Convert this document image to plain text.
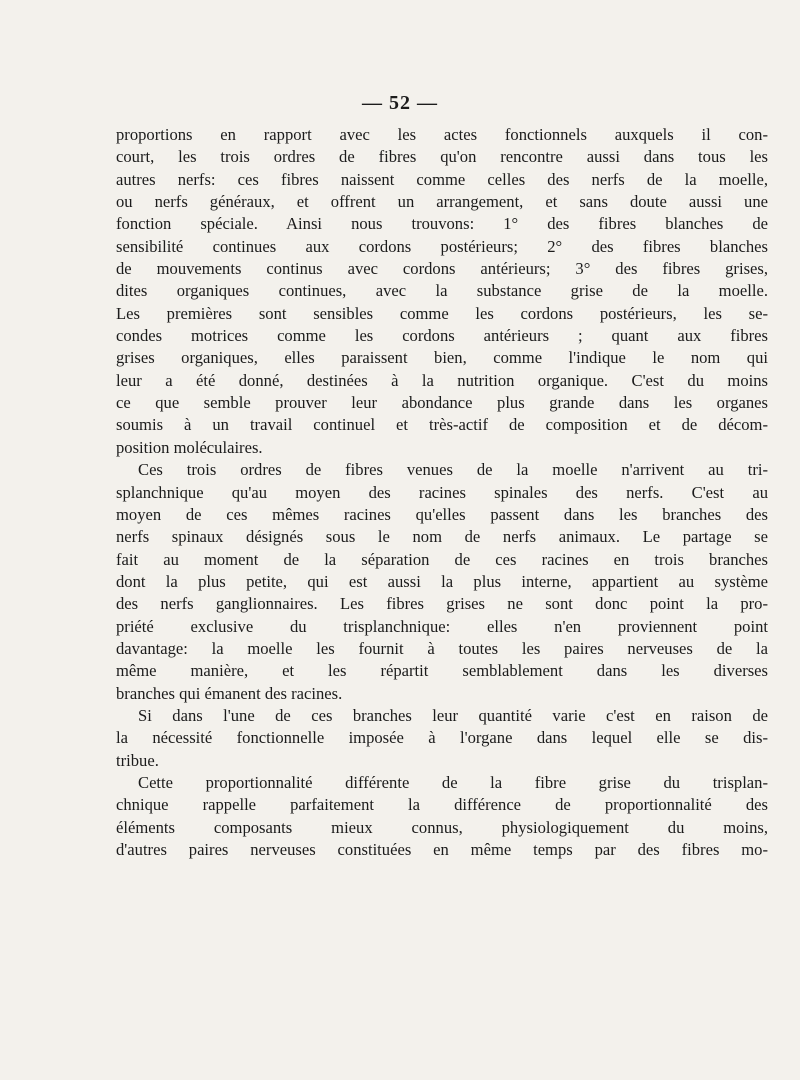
— 52 —
proportions en rapport avec les actes fonctionnels auxquels il con-
court, les trois ordres de fibres qu'on rencontre aussi dans tous les
autres nerfs: ces fibres naissent comme celles des nerfs de la moelle,
ou nerfs généraux, et offrent un arrangement, et sans doute aussi une
fonction spéciale. Ainsi nous trouvons: 1° des fibres blanches de
sensibilité continues aux cordons postérieurs; 2° des fibres blanches
de mouvements continus avec cordons antérieurs; 3° des fibres grises,
dites organiques continues, avec la substance grise de la moelle.
Les premières sont sensibles comme les cordons postérieurs, les se-
condes motrices comme les cordons antérieurs ; quant aux fibres
grises organiques, elles paraissent bien, comme l'indique le nom qui
leur a été donné, destinées à la nutrition organique. C'est du moins
ce que semble prouver leur abondance plus grande dans les organes
soumis à un travail continuel et très-actif de composition et de décom-
position moléculaires.
Ces trois ordres de fibres venues de la moelle n'arrivent au tri-
splanchnique qu'au moyen des racines spinales des nerfs. C'est au
moyen de ces mêmes racines qu'elles passent dans les branches des
nerfs spinaux désignés sous le nom de nerfs animaux. Le partage se
fait au moment de la séparation de ces racines en trois branches
dont la plus petite, qui est aussi la plus interne, appartient au système
des nerfs ganglionnaires. Les fibres grises ne sont donc point la pro-
priété exclusive du trisplanchnique: elles n'en proviennent point
davantage: la moelle les fournit à toutes les paires nerveuses de la
même manière, et les répartit semblablement dans les diverses
branches qui émanent des racines.
Si dans l'une de ces branches leur quantité varie c'est en raison de
la nécessité fonctionnelle imposée à l'organe dans lequel elle se dis-
tribue.
Cette proportionnalité différente de la fibre grise du trisplan-
chnique rappelle parfaitement la différence de proportionnalité des
éléments composants mieux connus, physiologiquement du moins,
d'autres paires nerveuses constituées en même temps par des fibres mo-
